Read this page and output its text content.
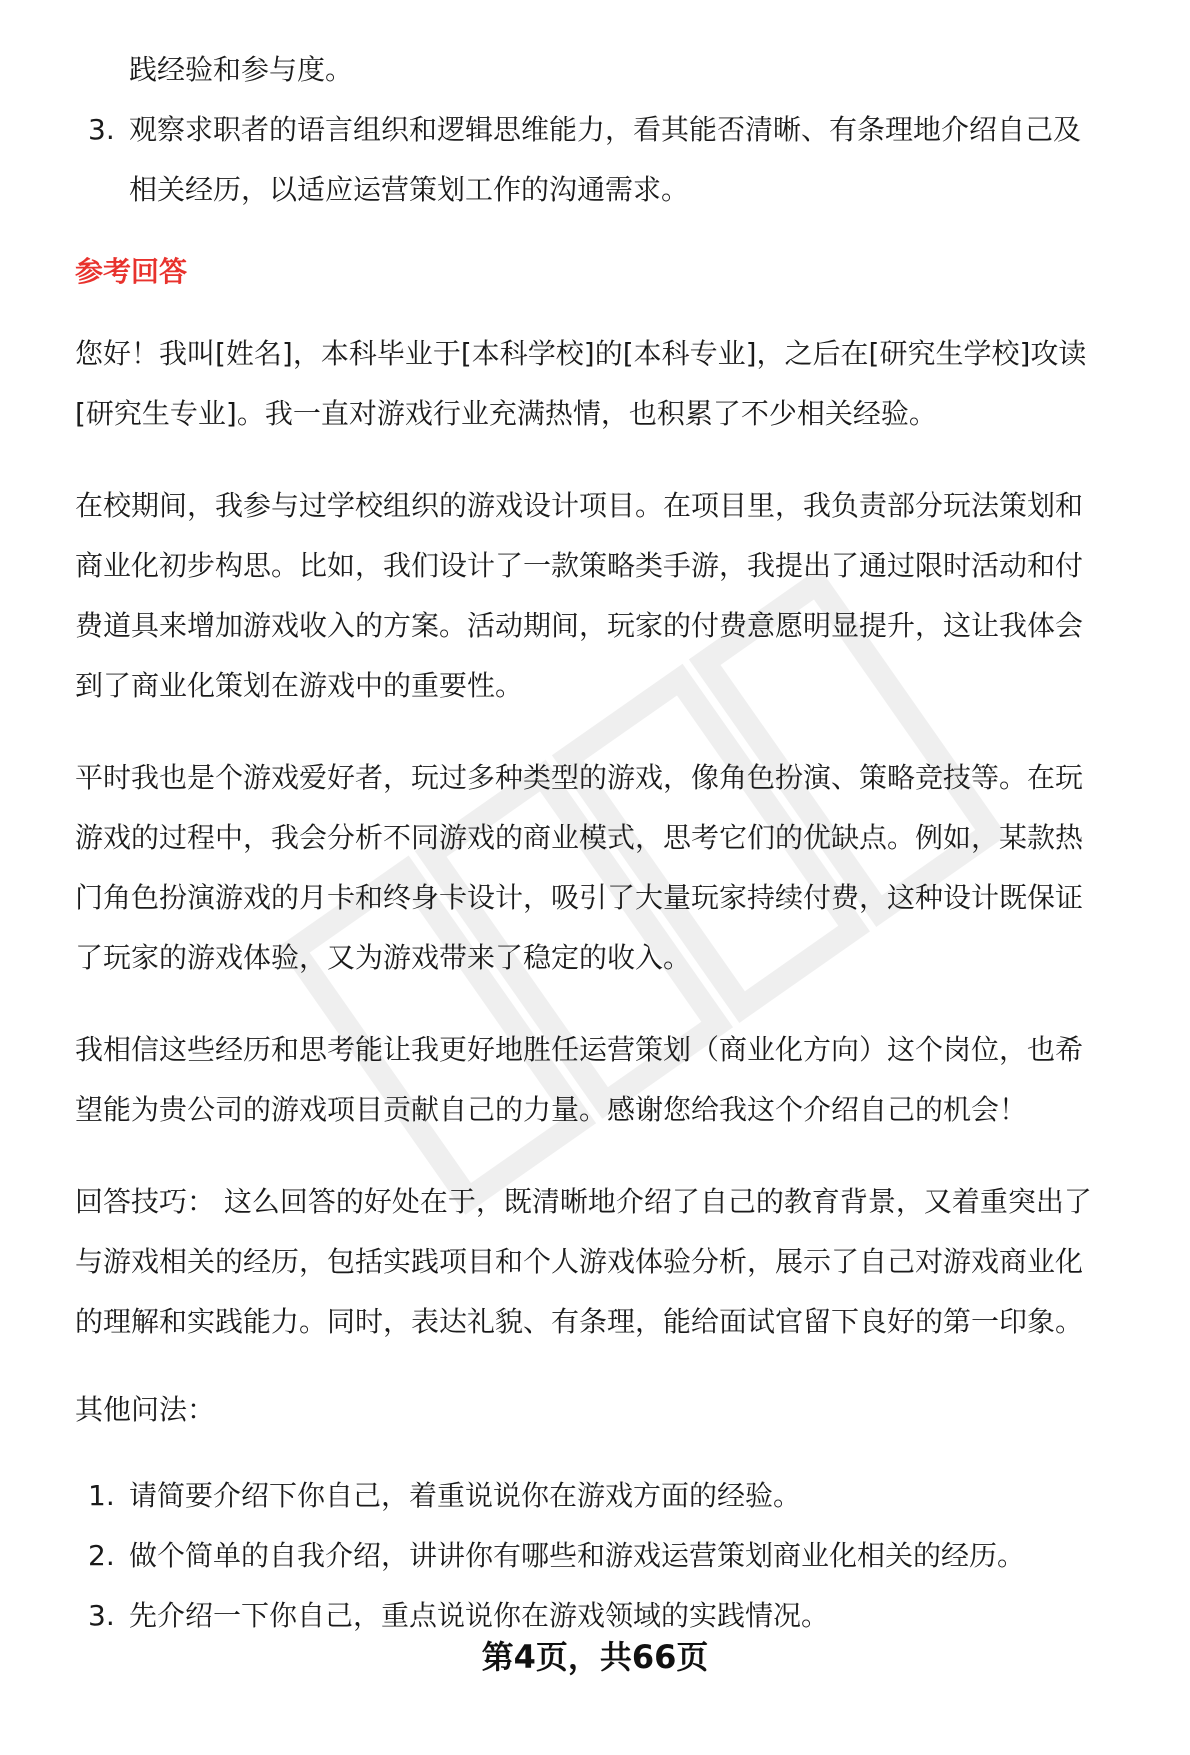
践经验和参与度。

3. 观察求职者的语言组织和逻辑思维能力，看其能否清晰、有条理地介绍自己及
相关经历，以适应运营策划工作的沟通需求。
参考回答

您好！我叫[姓名]，本科毕业于[本科学校]的[本科专业]，之后在[研究生学校]攻读
[研究生专业]。我一直对游戏行业充满热情，也积累了不少相关经验。

在校期间，我参与过学校组织的游戏设计项目。在项目里，我负责部分玩法策划和
商业化初步构思。比如，我们设计了一款策略类手游，我提出了通过限时活动和付
费道具来增加游戏收入的方案。活动期间，玩家的付费意愿明显提升，这让我体会
到了商业化策划在游戏中的重要性。

平时我也是个游戏爱好者，玩过多种类型的游戏，像角色扮演、策略竞技等。在玩
游戏的过程中，我会分析不同游戏的商业模式，思考它们的优缺点。例如，某款热
门角色扮演游戏的月卡和终身卡设计，吸引了大量玩家持续付费，这种设计既保证
了玩家的游戏体验，又为游戏带来了稳定的收入。

我相信这些经历和思考能让我更好地胜任运营策划（商业化方向）这个岗位，也希
望能为贵公司的游戏项目贡献自己的力量。感谢您给我这个介绍自己的机会！

回答技巧： 这么回答的好处在于，既清晰地介绍了自己的教育背景，又着重突出了
与游戏相关的经历，包括实践项目和个人游戏体验分析，展示了自己对游戏商业化
的理解和实践能力。同时，表达礼貌、有条理，能给面试官留下良好的第一印象。

其他问法：
1. 请简要介绍下你自己，着重说说你在游戏方面的经验。
2. 做个简单的自我介绍，讲讲你有哪些和游戏运营策划商业化相关的经历。
3. 先介绍一下你自己，重点说说你在游戏领域的实践情况。
第4页，共66页
